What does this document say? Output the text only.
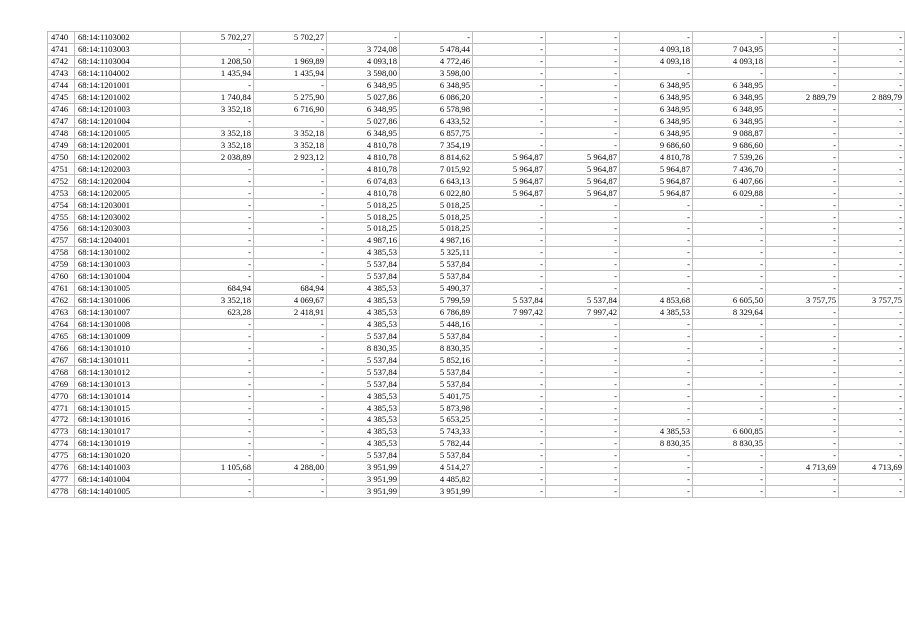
4740	68:14:1103002	5 702,27	5 702,27	-	-	-	-	-	-	-	-
4741	68:14:1103003	-	-	3 724,08	5 478,44	-	-	4 093,18	7 043,95	-	-
4742	68:14:1103004	1 208,50	1 969,89	4 093,18	4 772,46	-	-	4 093,18	4 093,18	-	-
4743	68:14:1104002	1 435,94	1 435,94	3 598,00	3 598,00	-	-	-	-	-	-
4744	68:14:1201001	-	-	6 348,95	6 348,95	-	-	6 348,95	6 348,95	-	-
4745	68:14:1201002	1 740,84	5 275,90	5 027,86	6 086,20	-	-	6 348,95	6 348,95	2 889,79	2 889,79
4746	68:14:1201003	3 352,18	6 716,90	6 348,95	6 578,98	-	-	6 348,95	6 348,95	-	-
4747	68:14:1201004	-	-	5 027,86	6 433,52	-	-	6 348,95	6 348,95	-	-
4748	68:14:1201005	3 352,18	3 352,18	6 348,95	6 857,75	-	-	6 348,95	9 088,87	-	-
4749	68:14:1202001	3 352,18	3 352,18	4 810,78	7 354,19	-	-	9 686,60	9 686,60	-	-
4750	68:14:1202002	2 038,89	2 923,12	4 810,78	8 814,62	5 964,87	5 964,87	4 810,78	7 539,26	-	-
4751	68:14:1202003	-	-	4 810,78	7 015,92	5 964,87	5 964,87	5 964,87	7 436,70	-	-
4752	68:14:1202004	-	-	6 074,83	6 643,13	5 964,87	5 964,87	5 964,87	6 407,66	-	-
4753	68:14:1202005	-	-	4 810,78	6 022,80	5 964,87	5 964,87	5 964,87	6 029,88	-	-
4754	68:14:1203001	-	-	5 018,25	5 018,25	-	-	-	-	-	-
4755	68:14:1203002	-	-	5 018,25	5 018,25	-	-	-	-	-	-
4756	68:14:1203003	-	-	5 018,25	5 018,25	-	-	-	-	-	-
4757	68:14:1204001	-	-	4 987,16	4 987,16	-	-	-	-	-	-
4758	68:14:1301002	-	-	4 385,53	5 325,11	-	-	-	-	-	-
4759	68:14:1301003	-	-	5 537,84	5 537,84	-	-	-	-	-	-
4760	68:14:1301004	-	-	5 537,84	5 537,84	-	-	-	-	-	-
4761	68:14:1301005	684,94	684,94	4 385,53	5 490,37	-	-	-	-	-	-
4762	68:14:1301006	3 352,18	4 069,67	4 385,53	5 799,59	5 537,84	5 537,84	4 853,68	6 605,50	3 757,75	3 757,75
4763	68:14:1301007	623,28	2 418,91	4 385,53	6 786,89	7 997,42	7 997,42	4 385,53	8 329,64	-	-
4764	68:14:1301008	-	-	4 385,53	5 448,16	-	-	-	-	-	-
4765	68:14:1301009	-	-	5 537,84	5 537,84	-	-	-	-	-	-
4766	68:14:1301010	-	-	8 830,35	8 830,35	-	-	-	-	-	-
4767	68:14:1301011	-	-	5 537,84	5 852,16	-	-	-	-	-	-
4768	68:14:1301012	-	-	5 537,84	5 537,84	-	-	-	-	-	-
4769	68:14:1301013	-	-	5 537,84	5 537,84	-	-	-	-	-	-
4770	68:14:1301014	-	-	4 385,53	5 401,75	-	-	-	-	-	-
4771	68:14:1301015	-	-	4 385,53	5 873,98	-	-	-	-	-	-
4772	68:14:1301016	-	-	4 385,53	5 653,25	-	-	-	-	-	-
4773	68:14:1301017	-	-	4 385,53	5 743,33	-	-	4 385,53	6 600,85	-	-
4774	68:14:1301019	-	-	4 385,53	5 782,44	-	-	8 830,35	8 830,35	-	-
4775	68:14:1301020	-	-	5 537,84	5 537,84	-	-	-	-	-	-
4776	68:14:1401003	1 105,68	4 288,00	3 951,99	4 514,27	-	-	-	-	4 713,69	4 713,69
4777	68:14:1401004	-	-	3 951,99	4 485,82	-	-	-	-	-	-
4778	68:14:1401005	-	-	3 951,99	3 951,99	-	-	-	-	-	-
